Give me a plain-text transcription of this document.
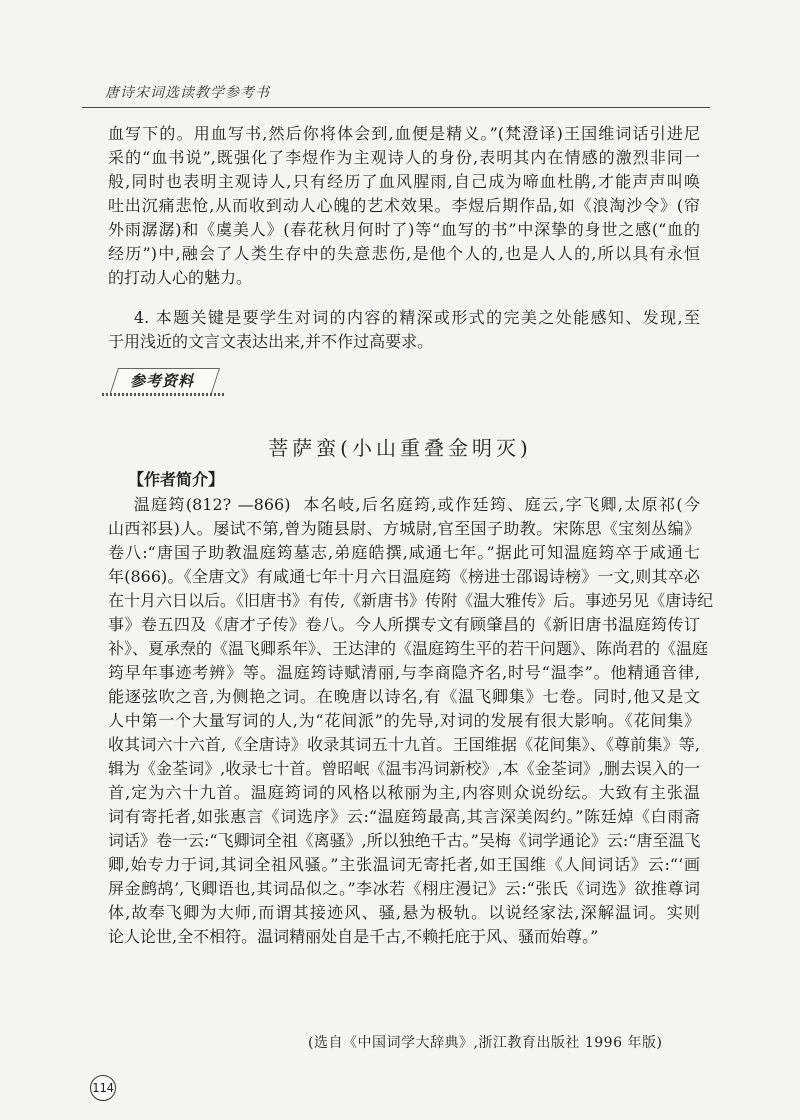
唐诗宋词选读教学参考书
血写下的。用血写书,然后你将体会到,血便是精义。”(梵澄译)王国维词话引进尼
采的“血书说”,既强化了李煜作为主观诗人的身份,表明其内在情感的激烈非同一
般,同时也表明主观诗人,只有经历了血风腥雨,自己成为啼血杜鹃,才能声声叫唤
吐出沉痛悲怆,从而收到动人心魄的艺术效果。李煜后期作品,如《浪淘沙令》(帘
外雨潺潺)和《虞美人》(春花秋月何时了)等“血写的书”中深挚的身世之感(“血的
经历”)中,融会了人类生存中的失意悲伤,是他个人的,也是人人的,所以具有永恒
的打动人心的魅力。
4. 本题关键是要学生对词的内容的精深或形式的完美之处能感知、发现,至
于用浅近的文言文表达出来,并不作过高要求。
参考资料
菩萨蛮(小山重叠金明灭)
【作者简介】
温庭筠(812? —866)  本名岐,后名庭筠,或作廷筠、庭云,字飞卿,太原祁(今
山西祁县)人。屡试不第,曾为随县尉、方城尉,官至国子助教。宋陈思《宝刻丛编》
卷八:“唐国子助教温庭筠墓志,弟庭皓撰,咸通七年。”据此可知温庭筠卒于咸通七
年(866)。《全唐文》有咸通七年十月六日温庭筠《榜进士邵谒诗榜》一文,则其卒必
在十月六日以后。《旧唐书》有传,《新唐书》传附《温大雅传》后。事迹另见《唐诗纪
事》卷五四及《唐才子传》卷八。今人所撰专文有顾肇昌的《新旧唐书温庭筠传订
补》、夏承焘的《温飞卿系年》、王达津的《温庭筠生平的若干问题》、陈尚君的《温庭
筠早年事迹考辨》等。温庭筠诗赋清丽,与李商隐齐名,时号“温李”。他精通音律,
能逐弦吹之音,为侧艳之词。在晚唐以诗名,有《温飞卿集》七卷。同时,他又是文
人中第一个大量写词的人,为“花间派”的先导,对词的发展有很大影响。《花间集》
收其词六十六首,《全唐诗》收录其词五十九首。王国维据《花间集》、《尊前集》等,
辑为《金荃词》,收录七十首。曾昭岷《温韦冯词新校》,本《金荃词》,删去误入的一
首,定为六十九首。温庭筠词的风格以秾丽为主,内容则众说纷纭。大致有主张温
词有寄托者,如张惠言《词选序》云:“温庭筠最高,其言深美闳约。”陈廷焯《白雨斋
词话》卷一云:“飞卿词全祖《离骚》,所以独绝千古。”吴梅《词学通论》云:“唐至温飞
卿,始专力于词,其词全祖风骚。”主张温词无寄托者,如王国维《人间词话》云:“‘画
屏金鹧鸪’,飞卿语也,其词品似之。”李冰若《栩庄漫记》云:“张氏《词选》欲推尊词
体,故奉飞卿为大师,而谓其接迹风、骚,悬为极轨。以说经家法,深解温词。实则
论人论世,全不相符。温词精丽处自是千古,不赖托庇于风、骚而始尊。”
(选自《中国词学大辞典》,浙江教育出版社 1996 年版)
114
